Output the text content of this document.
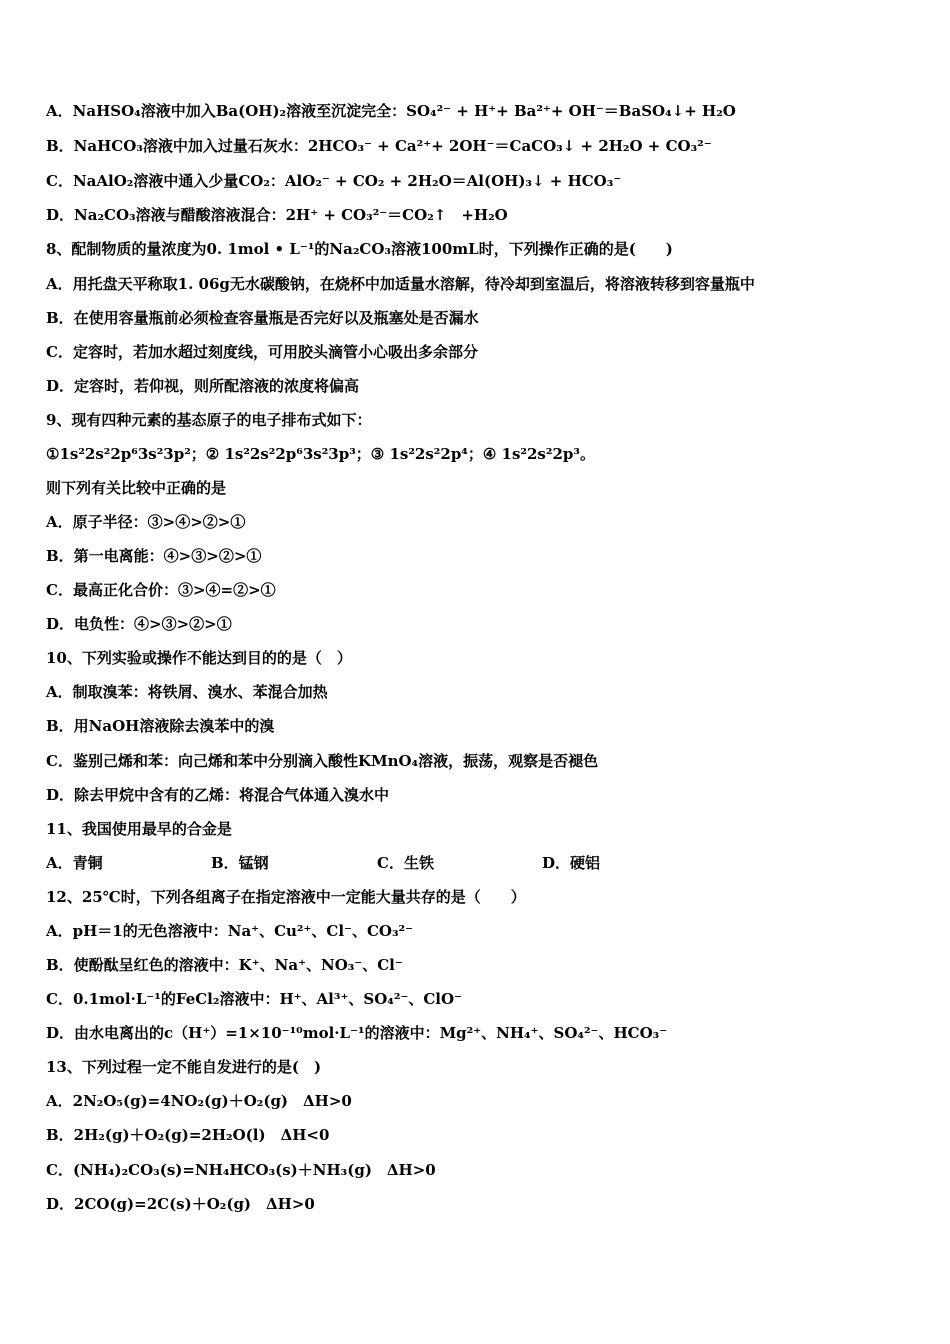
A．NaHSO₄溶液中加入Ba(OH)₂溶液至沉淀完全：SO₄²⁻ + H⁺+ Ba²⁺+ OH⁻＝BaSO₄↓+ H₂O
B．NaHCO₃溶液中加入过量石灰水：2HCO₃⁻ + Ca²⁺+ 2OH⁻＝CaCO₃↓ + 2H₂O + CO₃²⁻
C．NaAlO₂溶液中通入少量CO₂：AlO₂⁻ + CO₂ + 2H₂O＝Al(OH)₃↓ + HCO₃⁻
D．Na₂CO₃溶液与醋酸溶液混合：2H⁺ + CO₃²⁻＝CO₂↑　+H₂O
8、配制物质的量浓度为0. 1mol • L⁻¹的Na₂CO₃溶液100mL时，下列操作正确的是(　　)
A．用托盘天平称取1. 06g无水碳酸钠，在烧杯中加适量水溶解，待冷却到室温后，将溶液转移到容量瓶中
B．在使用容量瓶前必须检查容量瓶是否完好以及瓶塞处是否漏水
C．定容时，若加水超过刻度线，可用胶头滴管小心吸出多余部分
D．定容时，若仰视，则所配溶液的浓度将偏高
9、现有四种元素的基态原子的电子排布式如下：
①1s²2s²2p⁶3s²3p²；② 1s²2s²2p⁶3s²3p³；③ 1s²2s²2p⁴；④ 1s²2s²2p³。
则下列有关比较中正确的是
A．原子半径：③>④>②>①
B．第一电离能：④>③>②>①
C．最高正化合价：③>④=②>①
D．电负性：④>③>②>①
10、下列实验或操作不能达到目的的是（　）
A．制取溴苯：将铁屑、溴水、苯混合加热
B．用NaOH溶液除去溴苯中的溴
C．鉴别己烯和苯：向己烯和苯中分别滴入酸性KMnO₄溶液，振荡，观察是否褪色
D．除去甲烷中含有的乙烯：将混合气体通入溴水中
11、我国使用最早的合金是
A．青铜	B．锰钢	C．生铁	D．硬铝
12、25℃时，下列各组离子在指定溶液中一定能大量共存的是（　　）
A．pH＝1的无色溶液中：Na⁺、Cu²⁺、Cl⁻、CO₃²⁻
B．使酚酞呈红色的溶液中：K⁺、Na⁺、NO₃⁻、Cl⁻
C．0.1mol·L⁻¹的FeCl₂溶液中：H⁺、Al³⁺、SO₄²⁻、ClO⁻
D．由水电离出的c（H⁺）=1×10⁻¹⁰mol·L⁻¹的溶液中：Mg²⁺、NH₄⁺、SO₄²⁻、HCO₃⁻
13、下列过程一定不能自发进行的是(　)
A．2N₂O₅(g)=4NO₂(g)＋O₂(g)　ΔH>0
B．2H₂(g)＋O₂(g)=2H₂O(l)　ΔH<0
C．(NH₄)₂CO₃(s)=NH₄HCO₃(s)＋NH₃(g)　ΔH>0
D．2CO(g)=2C(s)＋O₂(g)　ΔH>0
